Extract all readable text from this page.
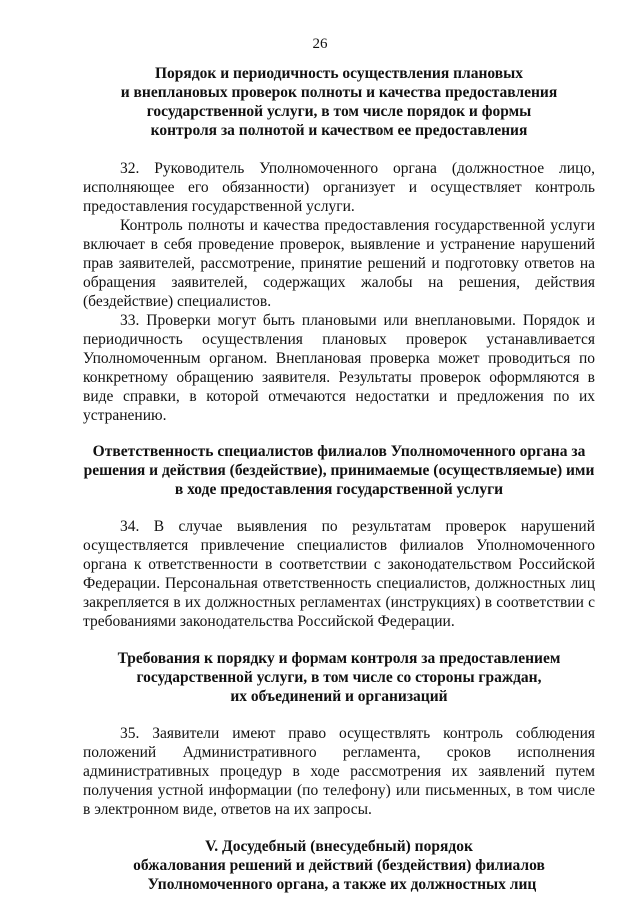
26
Порядок и периодичность осуществления плановых
и внеплановых проверок полноты и качества предоставления
государственной услуги, в том числе порядок и формы
контроля за полнотой и качеством ее предоставления

32. Руководитель Уполномоченного органа (должностное лицо, исполняющее его обязанности) организует и осуществляет контроль предоставления государственной услуги.

Контроль полноты и качества предоставления государственной услуги включает в себя проведение проверок, выявление и устранение нарушений прав заявителей, рассмотрение, принятие решений и подготовку ответов на обращения заявителей, содержащих жалобы на решения, действия (бездействие) специалистов.

33. Проверки могут быть плановыми или внеплановыми. Порядок и периодичность осуществления плановых проверок устанавливается Уполномоченным органом. Внеплановая проверка может проводиться по конкретному обращению заявителя. Результаты проверок оформляются в виде справки, в которой отмечаются недостатки и предложения по их устранению.

Ответственность специалистов филиалов Уполномоченного органа за
решения и действия (бездействие), принимаемые (осуществляемые) ими
в ходе предоставления государственной услуги

34. В случае выявления по результатам проверок нарушений осуществляется привлечение специалистов филиалов Уполномоченного органа к ответственности в соответствии с законодательством Российской Федерации. Персональная ответственность специалистов, должностных лиц закрепляется в их должностных регламентах (инструкциях) в соответствии с требованиями законодательства Российской Федерации.

Требования к порядку и формам контроля за предоставлением
государственной услуги, в том числе со стороны граждан,
их объединений и организаций

35. Заявители имеют право осуществлять контроль соблюдения положений Административного регламента, сроков исполнения административных процедур в ходе рассмотрения их заявлений путем получения устной информации (по телефону) или письменных, в том числе в электронном виде, ответов на их запросы.

V. Досудебный (внесудебный) порядок
обжалования решений и действий (бездействия) филиалов
Уполномоченного органа, а также их должностных лиц
